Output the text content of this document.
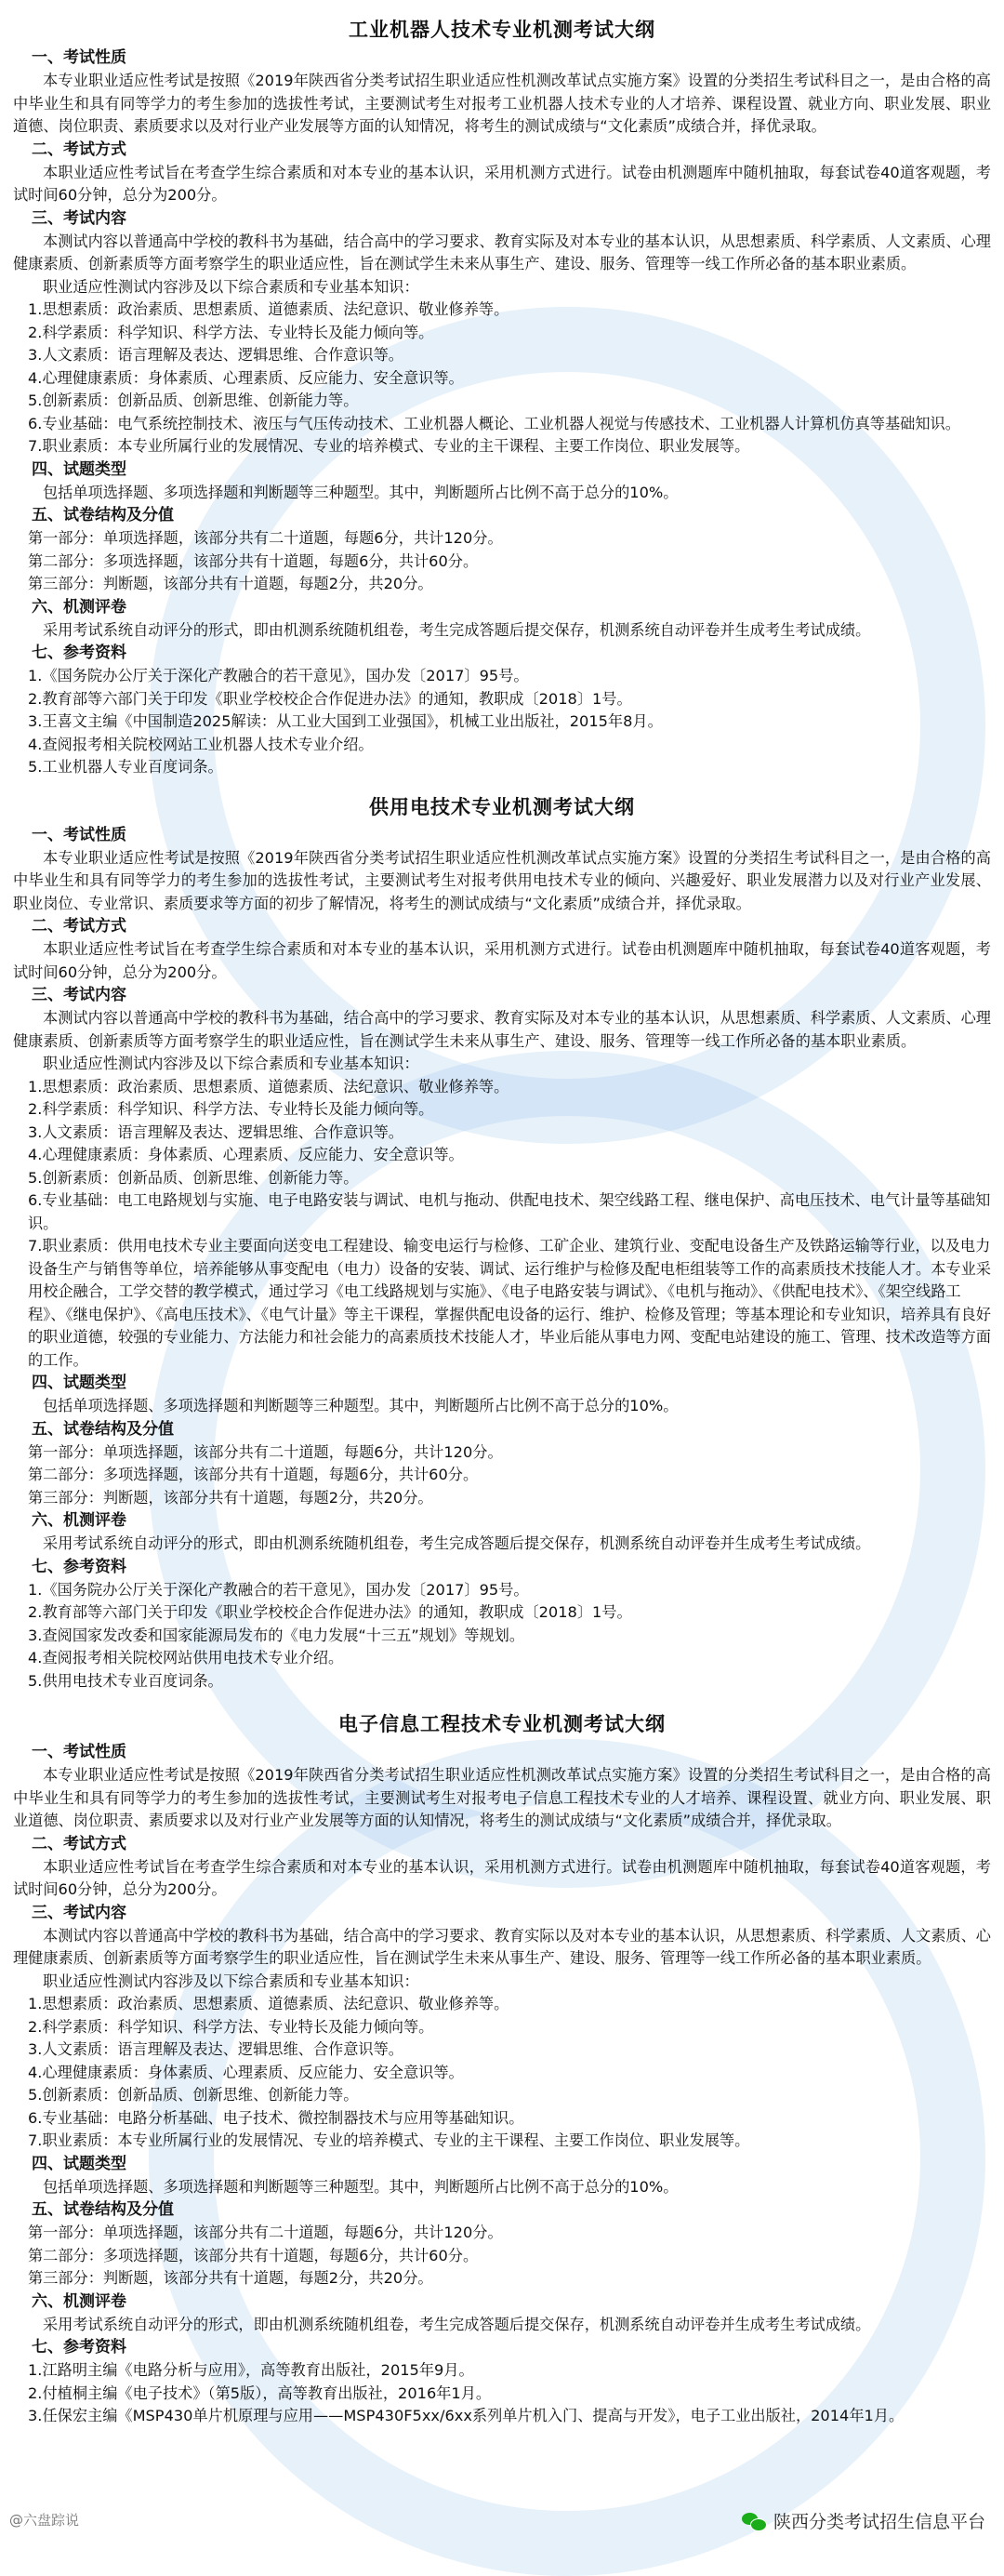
工业机器人技术专业机测考试大纲
一、考试性质

本专业职业适应性考试是按照《2019年陕西省分类考试招生职业适应性机测改革试点实施方案》设置的分类招生考试科目之一，是由合格的高中毕业生和具有同等学力的考生参加的选拔性考试，主要测试考生对报考工业机器人技术专业的人才培养、课程设置、就业方向、职业发展、职业道德、岗位职责、素质要求以及对行业产业发展等方面的认知情况，将考生的测试成绩与“文化素质”成绩合并，择优录取。

二、考试方式

本职业适应性考试旨在考查学生综合素质和对本专业的基本认识，采用机测方式进行。试卷由机测题库中随机抽取，每套试卷40道客观题，考试时间60分钟，总分为200分。

三、考试内容

本测试内容以普通高中学校的教科书为基础，结合高中的学习要求、教育实际及对本专业的基本认识，从思想素质、科学素质、人文素质、心理健康素质、创新素质等方面考察学生的职业适应性，旨在测试学生未来从事生产、建设、服务、管理等一线工作所必备的基本职业素质。

职业适应性测试内容涉及以下综合素质和专业基本知识：

1.思想素质：政治素质、思想素质、道德素质、法纪意识、敬业修养等。
2.科学素质：科学知识、科学方法、专业特长及能力倾向等。
3.人文素质：语言理解及表达、逻辑思维、合作意识等。
4.心理健康素质：身体素质、心理素质、反应能力、安全意识等。
5.创新素质：创新品质、创新思维、创新能力等。
6.专业基础：电气系统控制技术、液压与气压传动技术、工业机器人概论、工业机器人视觉与传感技术、工业机器人计算机仿真等基础知识。
7.职业素质：本专业所属行业的发展情况、专业的培养模式、专业的主干课程、主要工作岗位、职业发展等。
四、试题类型

包括单项选择题、多项选择题和判断题等三种题型。其中，判断题所占比例不高于总分的10%。

五、试卷结构及分值
第一部分：单项选择题，该部分共有二十道题，每题6分，共计120分。
第二部分：多项选择题，该部分共有十道题，每题6分，共计60分。
第三部分：判断题，该部分共有十道题，每题2分，共20分。
六、机测评卷

采用考试系统自动评分的形式，即由机测系统随机组卷，考生完成答题后提交保存，机测系统自动评卷并生成考生考试成绩。

七、参考资料
1.《国务院办公厅关于深化产教融合的若干意见》，国办发〔2017〕95号。
2.教育部等六部门关于印发《职业学校校企合作促进办法》的通知，教职成〔2018〕1号。
3.王喜文主编《中国制造2025解读：从工业大国到工业强国》，机械工业出版社，2015年8月。
4.查阅报考相关院校网站工业机器人技术专业介绍。
5.工业机器人专业百度词条。
供用电技术专业机测考试大纲
一、考试性质

本专业职业适应性考试是按照《2019年陕西省分类考试招生职业适应性机测改革试点实施方案》设置的分类招生考试科目之一，是由合格的高中毕业生和具有同等学力的考生参加的选拔性考试，主要测试考生对报考供用电技术专业的倾向、兴趣爱好、职业发展潜力以及对行业产业发展、职业岗位、专业常识、素质要求等方面的初步了解情况，将考生的测试成绩与“文化素质”成绩合并，择优录取。

二、考试方式

本职业适应性考试旨在考查学生综合素质和对本专业的基本认识，采用机测方式进行。试卷由机测题库中随机抽取，每套试卷40道客观题，考试时间60分钟，总分为200分。

三、考试内容

本测试内容以普通高中学校的教科书为基础，结合高中的学习要求、教育实际及对本专业的基本认识，从思想素质、科学素质、人文素质、心理健康素质、创新素质等方面考察学生的职业适应性，旨在测试学生未来从事生产、建设、服务、管理等一线工作所必备的基本职业素质。

职业适应性测试内容涉及以下综合素质和专业基本知识：

1.思想素质：政治素质、思想素质、道德素质、法纪意识、敬业修养等。
2.科学素质：科学知识、科学方法、专业特长及能力倾向等。
3.人文素质：语言理解及表达、逻辑思维、合作意识等。
4.心理健康素质：身体素质、心理素质、反应能力、安全意识等。
5.创新素质：创新品质、创新思维、创新能力等。
6.专业基础：电工电路规划与实施、电子电路安装与调试、电机与拖动、供配电技术、架空线路工程、继电保护、高电压技术、电气计量等基础知识。
7.职业素质：供用电技术专业主要面向送变电工程建设、输变电运行与检修、工矿企业、建筑行业、变配电设备生产及铁路运输等行业，以及电力设备生产与销售等单位，培养能够从事变配电（电力）设备的安装、调试、运行维护与检修及配电柜组装等工作的高素质技术技能人才。本专业采用校企融合，工学交替的教学模式，通过学习《电工线路规划与实施》、《电子电路安装与调试》、《电机与拖动》、《供配电技术》、《架空线路工程》、《继电保护》、《高电压技术》、《电气计量》等主干课程，掌握供配电设备的运行、维护、检修及管理；等基本理论和专业知识，培养具有良好的职业道德，较强的专业能力、方法能力和社会能力的高素质技术技能人才，毕业后能从事电力网、变配电站建设的施工、管理、技术改造等方面的工作。
四、试题类型

包括单项选择题、多项选择题和判断题等三种题型。其中，判断题所占比例不高于总分的10%。

五、试卷结构及分值
第一部分：单项选择题，该部分共有二十道题，每题6分，共计120分。
第二部分：多项选择题，该部分共有十道题，每题6分，共计60分。
第三部分：判断题，该部分共有十道题，每题2分，共20分。
六、机测评卷

采用考试系统自动评分的形式，即由机测系统随机组卷，考生完成答题后提交保存，机测系统自动评卷并生成考生考试成绩。

七、参考资料
1.《国务院办公厅关于深化产教融合的若干意见》，国办发〔2017〕95号。
2.教育部等六部门关于印发《职业学校校企合作促进办法》的通知，教职成〔2018〕1号。
3.查阅国家发改委和国家能源局发布的《电力发展“十三五”规划》等规划。
4.查阅报考相关院校网站供用电技术专业介绍。
5.供用电技术专业百度词条。
电子信息工程技术专业机测考试大纲
一、考试性质

本专业职业适应性考试是按照《2019年陕西省分类考试招生职业适应性机测改革试点实施方案》设置的分类招生考试科目之一，是由合格的高中毕业生和具有同等学力的考生参加的选拔性考试，主要测试考生对报考电子信息工程技术专业的人才培养、课程设置、就业方向、职业发展、职业道德、岗位职责、素质要求以及对行业产业发展等方面的认知情况，将考生的测试成绩与“文化素质”成绩合并，择优录取。

二、考试方式

本职业适应性考试旨在考查学生综合素质和对本专业的基本认识，采用机测方式进行。试卷由机测题库中随机抽取，每套试卷40道客观题，考试时间60分钟，总分为200分。

三、考试内容

本测试内容以普通高中学校的教科书为基础，结合高中的学习要求、教育实际以及对本专业的基本认识，从思想素质、科学素质、人文素质、心理健康素质、创新素质等方面考察学生的职业适应性，旨在测试学生未来从事生产、建设、服务、管理等一线工作所必备的基本职业素质。

职业适应性测试内容涉及以下综合素质和专业基本知识：

1.思想素质：政治素质、思想素质、道德素质、法纪意识、敬业修养等。
2.科学素质：科学知识、科学方法、专业特长及能力倾向等。
3.人文素质：语言理解及表达、逻辑思维、合作意识等。
4.心理健康素质：身体素质、心理素质、反应能力、安全意识等。
5.创新素质：创新品质、创新思维、创新能力等。
6.专业基础：电路分析基础、电子技术、微控制器技术与应用等基础知识。
7.职业素质：本专业所属行业的发展情况、专业的培养模式、专业的主干课程、主要工作岗位、职业发展等。
四、试题类型

包括单项选择题、多项选择题和判断题等三种题型。其中，判断题所占比例不高于总分的10%。

五、试卷结构及分值
第一部分：单项选择题，该部分共有二十道题，每题6分，共计120分。
第二部分：多项选择题，该部分共有十道题，每题6分，共计60分。
第三部分：判断题，该部分共有十道题，每题2分，共20分。
六、机测评卷

采用考试系统自动评分的形式，即由机测系统随机组卷，考生完成答题后提交保存，机测系统自动评卷并生成考生考试成绩。

七、参考资料
1.江路明主编《电路分析与应用》，高等教育出版社，2015年9月。
2.付植桐主编《电子技术》（第5版），高等教育出版社，2016年1月。
3.任保宏主编《MSP430单片机原理与应用——MSP430F5xx/6xx系列单片机入门、提高与开发》，电子工业出版社，2014年1月。
@六盘踪说	陕西分类考试招生信息平台
